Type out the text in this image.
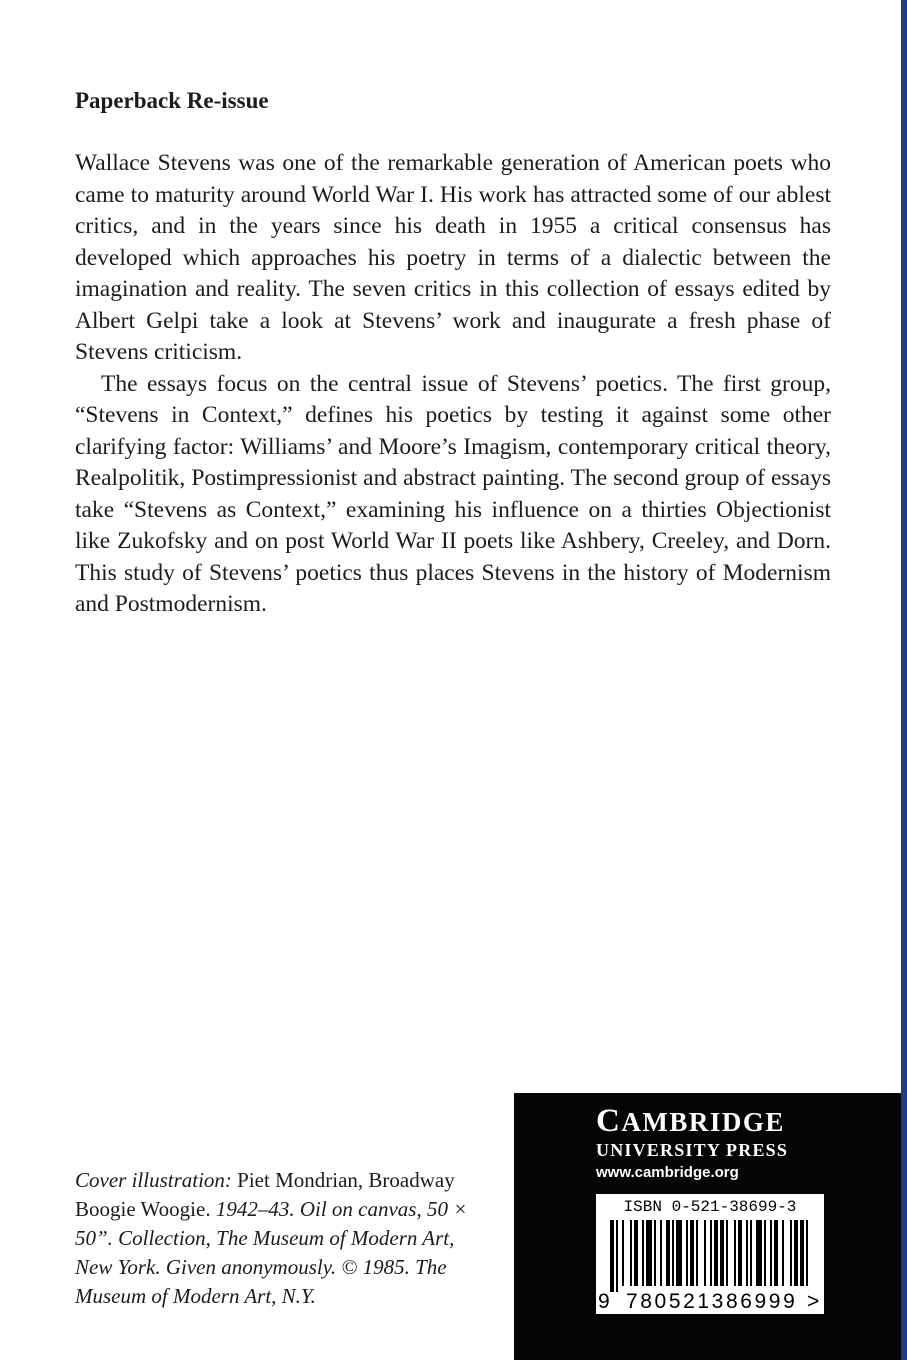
Paperback Re-issue

Wallace Stevens was one of the remarkable generation of American poets who came to maturity around World War I. His work has attracted some of our ablest critics, and in the years since his death in 1955 a critical consensus has developed which approaches his poetry in terms of a dialectic between the imagination and reality. The seven critics in this collection of essays edited by Albert Gelpi take a look at Stevens’ work and inaugurate a fresh phase of Stevens criticism.

The essays focus on the central issue of Stevens’ poetics. The first group, “Stevens in Context,” defines his poetics by testing it against some other clarifying factor: Williams’ and Moore’s Imagism, contemporary critical theory, Realpolitik, Postimpressionist and abstract painting. The second group of essays take “Stevens as Context,” examining his influence on a thirties Objectionist like Zukofsky and on post World War II poets like Ashbery, Creeley, and Dorn. This study of Stevens’ poetics thus places Stevens in the history of Modernism and Postmodernism.

Cover illustration: Piet Mondrian, Broadway Boogie Woogie. 1942–43. Oil on canvas, 50 × 50”. Collection, The Museum of Modern Art, New York. Given anonymously. © 1985. The Museum of Modern Art, N.Y.
CAMBRIDGE
UNIVERSITY PRESS
www.cambridge.org
ISBN 0-521-38699-3
9 780521386999 >
